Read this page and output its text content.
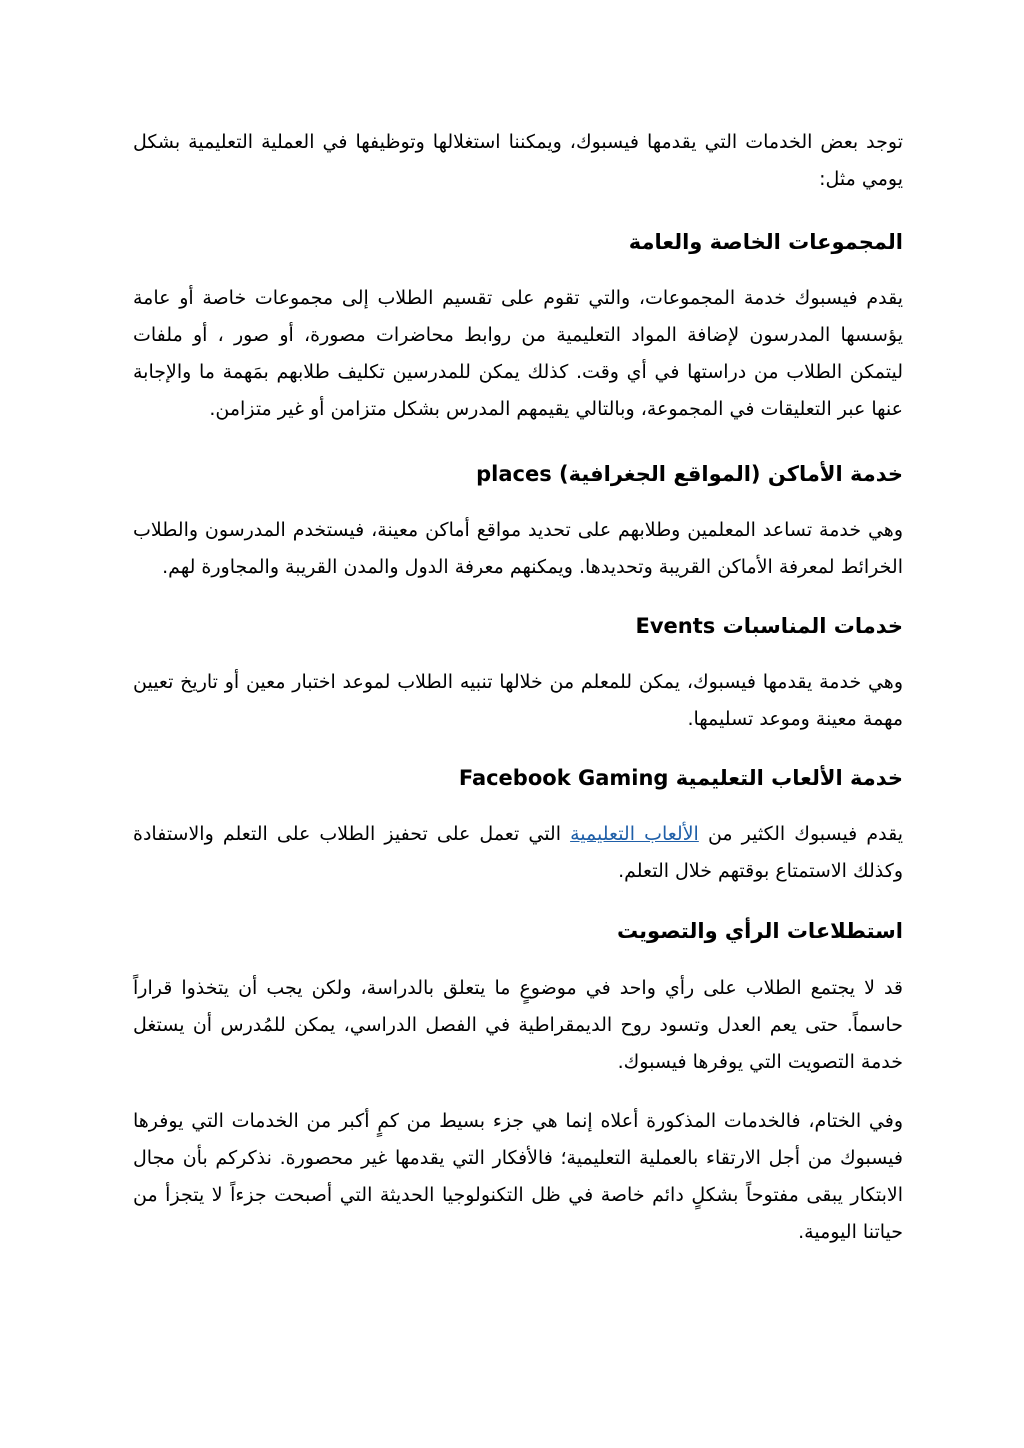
توجد بعض الخدمات التي يقدمها فيسبوك، ويمكننا استغلالها وتوظيفها في العملية التعليمية بشكل يومي مثل:

المجموعات الخاصة والعامة

يقدم فيسبوك خدمة المجموعات، والتي تقوم على تقسيم الطلاب إلى مجموعات خاصة أو عامة يؤسسها المدرسون لإضافة المواد التعليمية من روابط محاضرات مصورة، أو صور ، أو ملفات ليتمكن الطلاب من دراستها في أي وقت. كذلك يمكن للمدرسين تكليف طلابهم بمَهمة ما والإجابة عنها عبر التعليقات في المجموعة، وبالتالي يقيمهم المدرس بشكل متزامن أو غير متزامن.

خدمة الأماكن (المواقع الجغرافية) places

وهي خدمة تساعد المعلمين وطلابهم على تحديد مواقع أماكن معينة، فيستخدم المدرسون والطلاب الخرائط لمعرفة الأماكن القريبة وتحديدها. ويمكنهم معرفة الدول والمدن القريبة والمجاورة لهم.

خدمات المناسبات Events

وهي خدمة يقدمها فيسبوك، يمكن للمعلم من خلالها تنبيه الطلاب لموعد اختبار معين أو تاريخ تعيين مهمة معينة وموعد تسليمها.

خدمة الألعاب التعليمية Facebook Gaming

يقدم فيسبوك الكثير من الألعاب التعليمية التي تعمل على تحفيز الطلاب على التعلم والاستفادة وكذلك الاستمتاع بوقتهم خلال التعلم.

استطلاعات الرأي والتصويت

قد لا يجتمع الطلاب على رأي واحد في موضوعٍ ما يتعلق بالدراسة، ولكن يجب أن يتخذوا قراراً حاسماً. حتى يعم العدل وتسود روح الديمقراطية في الفصل الدراسي، يمكن للمُدرس أن يستغل خدمة التصويت التي يوفرها فيسبوك.

وفي الختام، فالخدمات المذكورة أعلاه إنما هي جزء بسيط من كمٍ أكبر من الخدمات التي يوفرها فيسبوك من أجل الارتقاء بالعملية التعليمية؛ فالأفكار التي يقدمها غير محصورة. نذكركم بأن مجال الابتكار يبقى مفتوحاً بشكلٍ دائم خاصة في ظل التكنولوجيا الحديثة التي أصبحت جزءاً لا يتجزأ من حياتنا اليومية.
